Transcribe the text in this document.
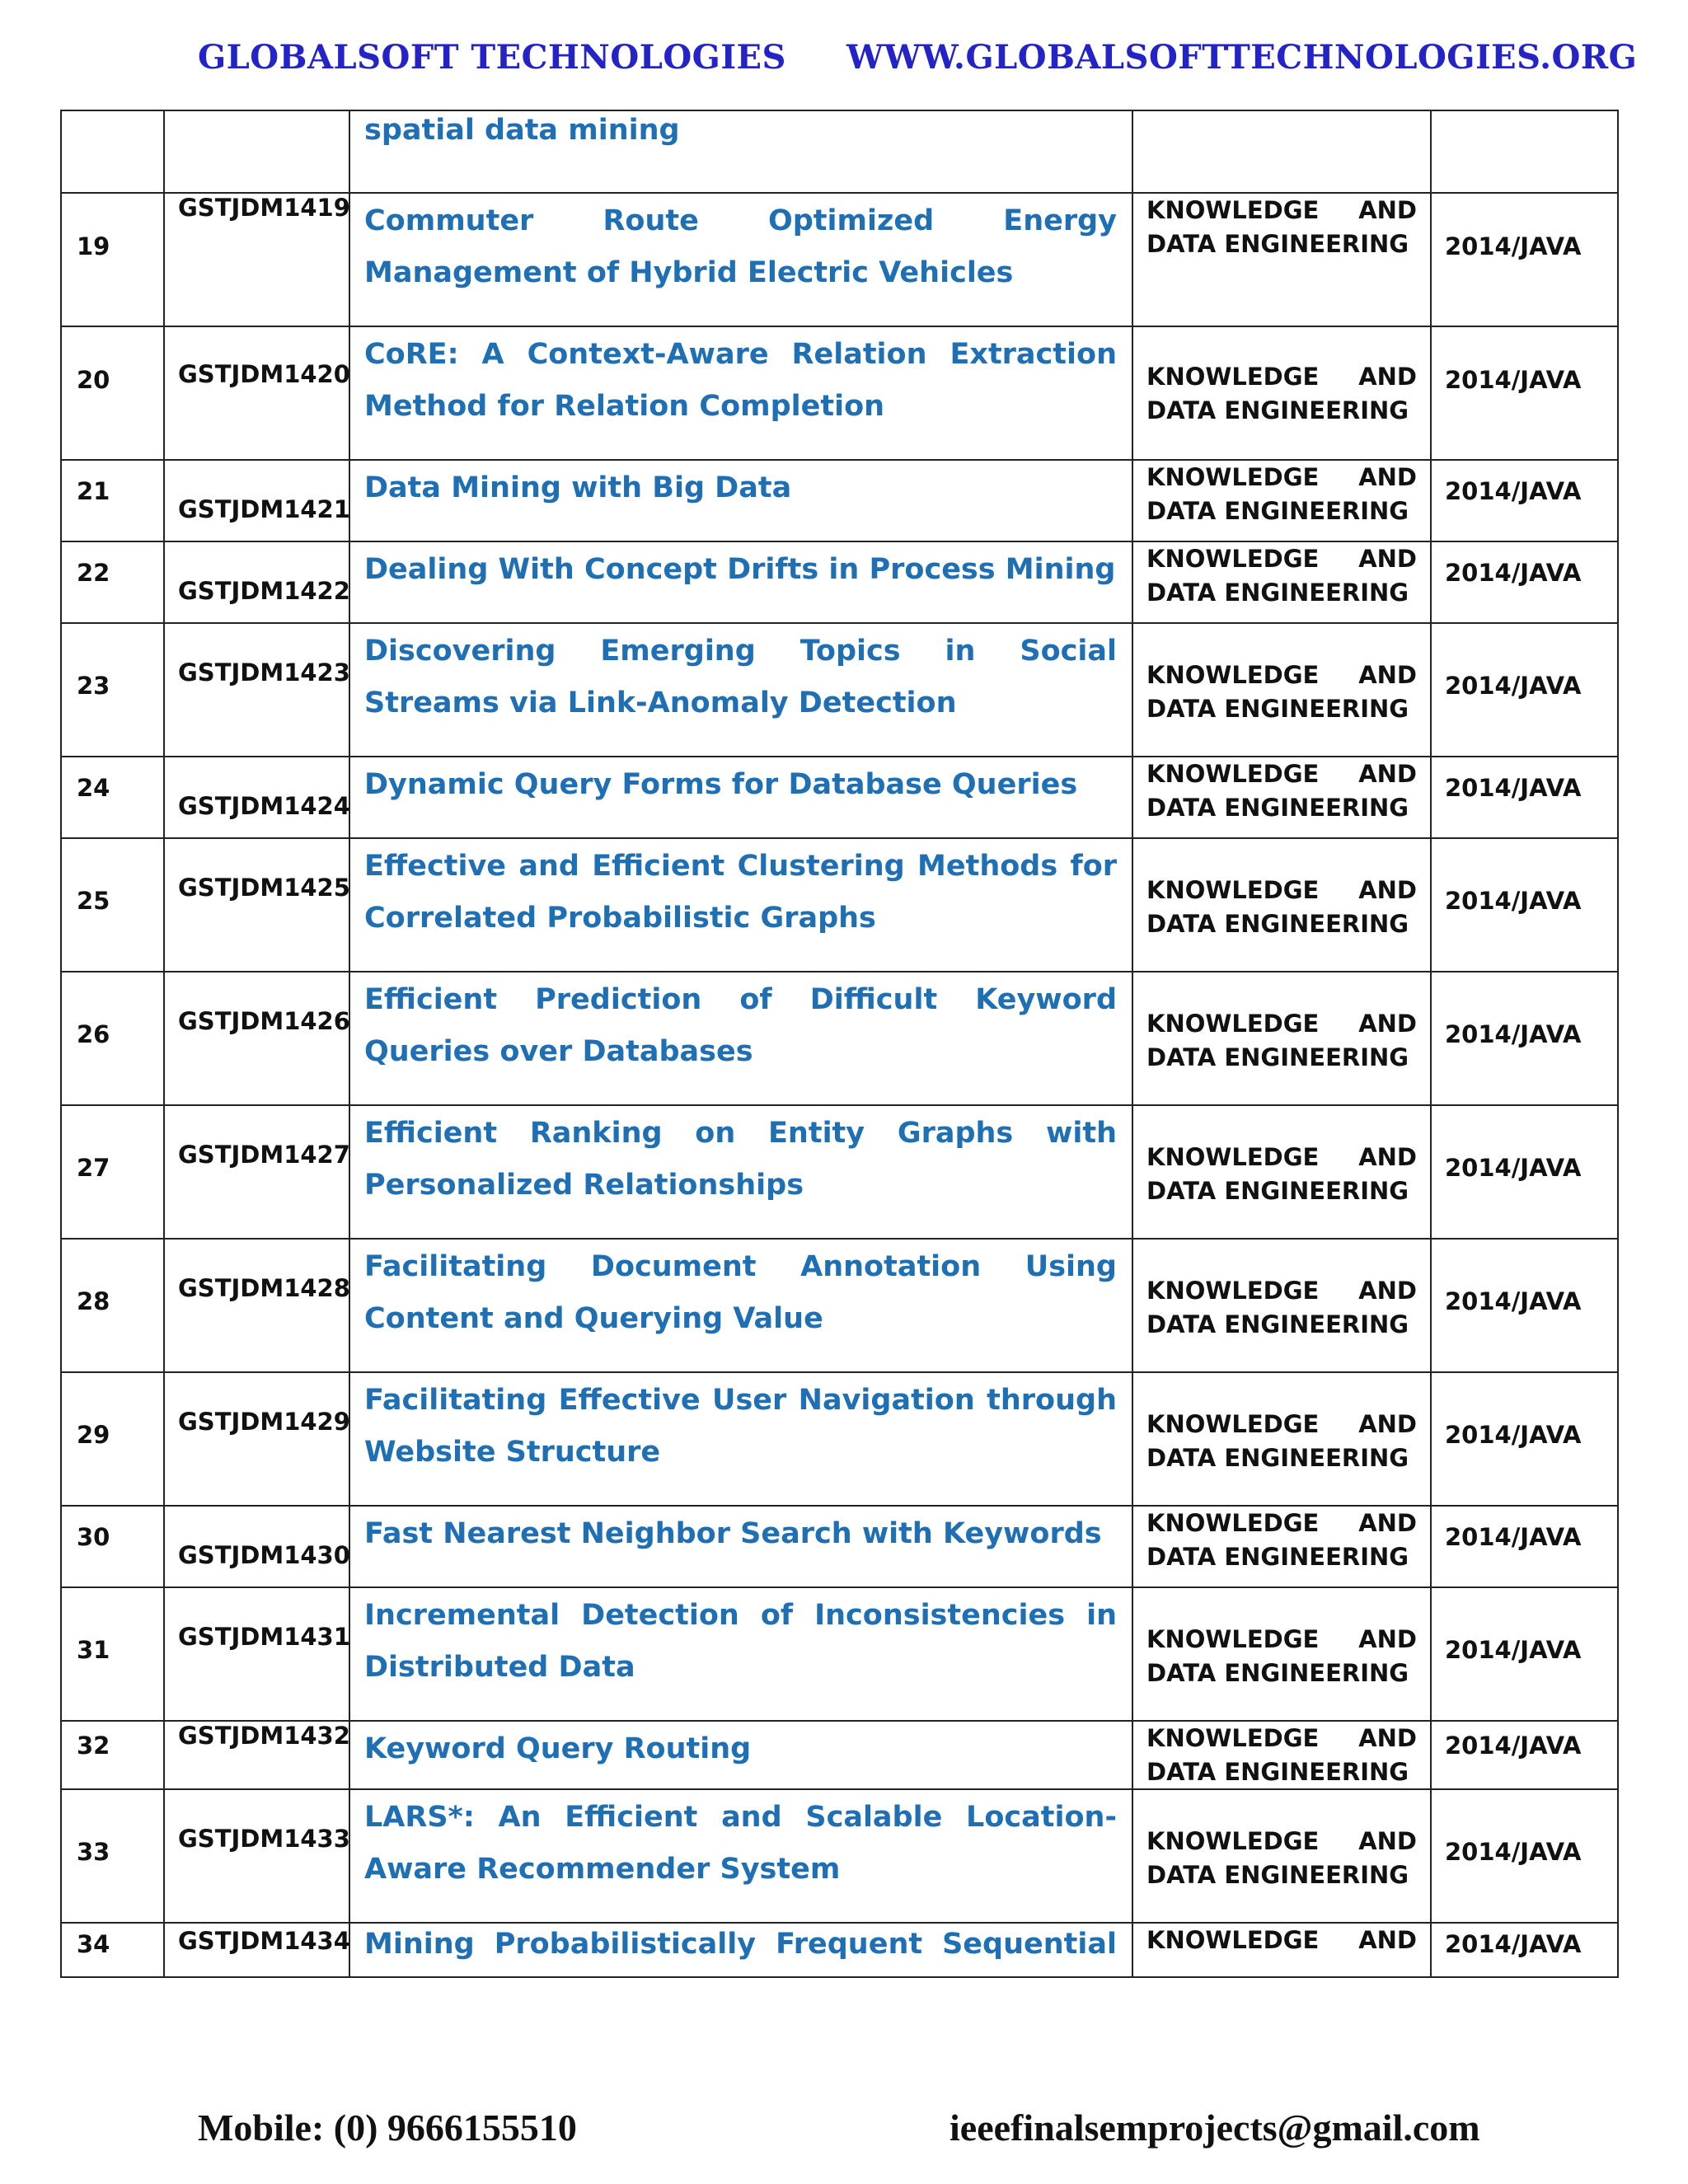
GLOBALSOFT TECHNOLOGIES WWW.GLOBALSOFTTECHNOLOGIES.ORG

		spatial data mining		

19	GSTJDM1419	Commuter Route Optimized Energy Management of Hybrid Electric Vehicles	KNOWLEDGE AND
DATA ENGINEERING	2014/JAVA

20	GSTJDM1420	CoRE: A Context-Aware Relation Extraction Method for Relation Completion	KNOWLEDGE AND
DATA ENGINEERING	2014/JAVA

21	GSTJDM1421	Data Mining with Big Data	KNOWLEDGE AND
DATA ENGINEERING	2014/JAVA

22	GSTJDM1422	Dealing With Concept Drifts in Process Mining	KNOWLEDGE AND
DATA ENGINEERING	2014/JAVA

23	GSTJDM1423	Discovering Emerging Topics in Social Streams via Link-Anomaly Detection	KNOWLEDGE AND
DATA ENGINEERING	2014/JAVA

24	GSTJDM1424	Dynamic Query Forms for Database Queries	KNOWLEDGE AND
DATA ENGINEERING	2014/JAVA

25	GSTJDM1425	Effective and Efficient Clustering Methods for Correlated Probabilistic Graphs	KNOWLEDGE AND
DATA ENGINEERING	2014/JAVA

26	GSTJDM1426	Efficient Prediction of Difficult Keyword Queries over Databases	KNOWLEDGE AND
DATA ENGINEERING	2014/JAVA

27	GSTJDM1427	Efficient Ranking on Entity Graphs with Personalized Relationships	KNOWLEDGE AND
DATA ENGINEERING	2014/JAVA

28	GSTJDM1428	Facilitating Document Annotation Using Content and Querying Value	KNOWLEDGE AND
DATA ENGINEERING	2014/JAVA

29	GSTJDM1429	Facilitating Effective User Navigation through Website Structure	KNOWLEDGE AND
DATA ENGINEERING	2014/JAVA

30	GSTJDM1430	Fast Nearest Neighbor Search with Keywords	KNOWLEDGE AND
DATA ENGINEERING	2014/JAVA

31	GSTJDM1431	Incremental Detection of Inconsistencies in Distributed Data	KNOWLEDGE AND
DATA ENGINEERING	2014/JAVA

32	GSTJDM1432	Keyword Query Routing	KNOWLEDGE AND
DATA ENGINEERING	2014/JAVA

33	GSTJDM1433	LARS*: An Efficient and Scalable Location-Aware Recommender System	KNOWLEDGE AND
DATA ENGINEERING	2014/JAVA

34	GSTJDM1434	Mining Probabilistically Frequent Sequential	KNOWLEDGE AND	2014/JAVA
Mobile: (0) 9666155510	ieeefinalsemprojects@gmail.com
